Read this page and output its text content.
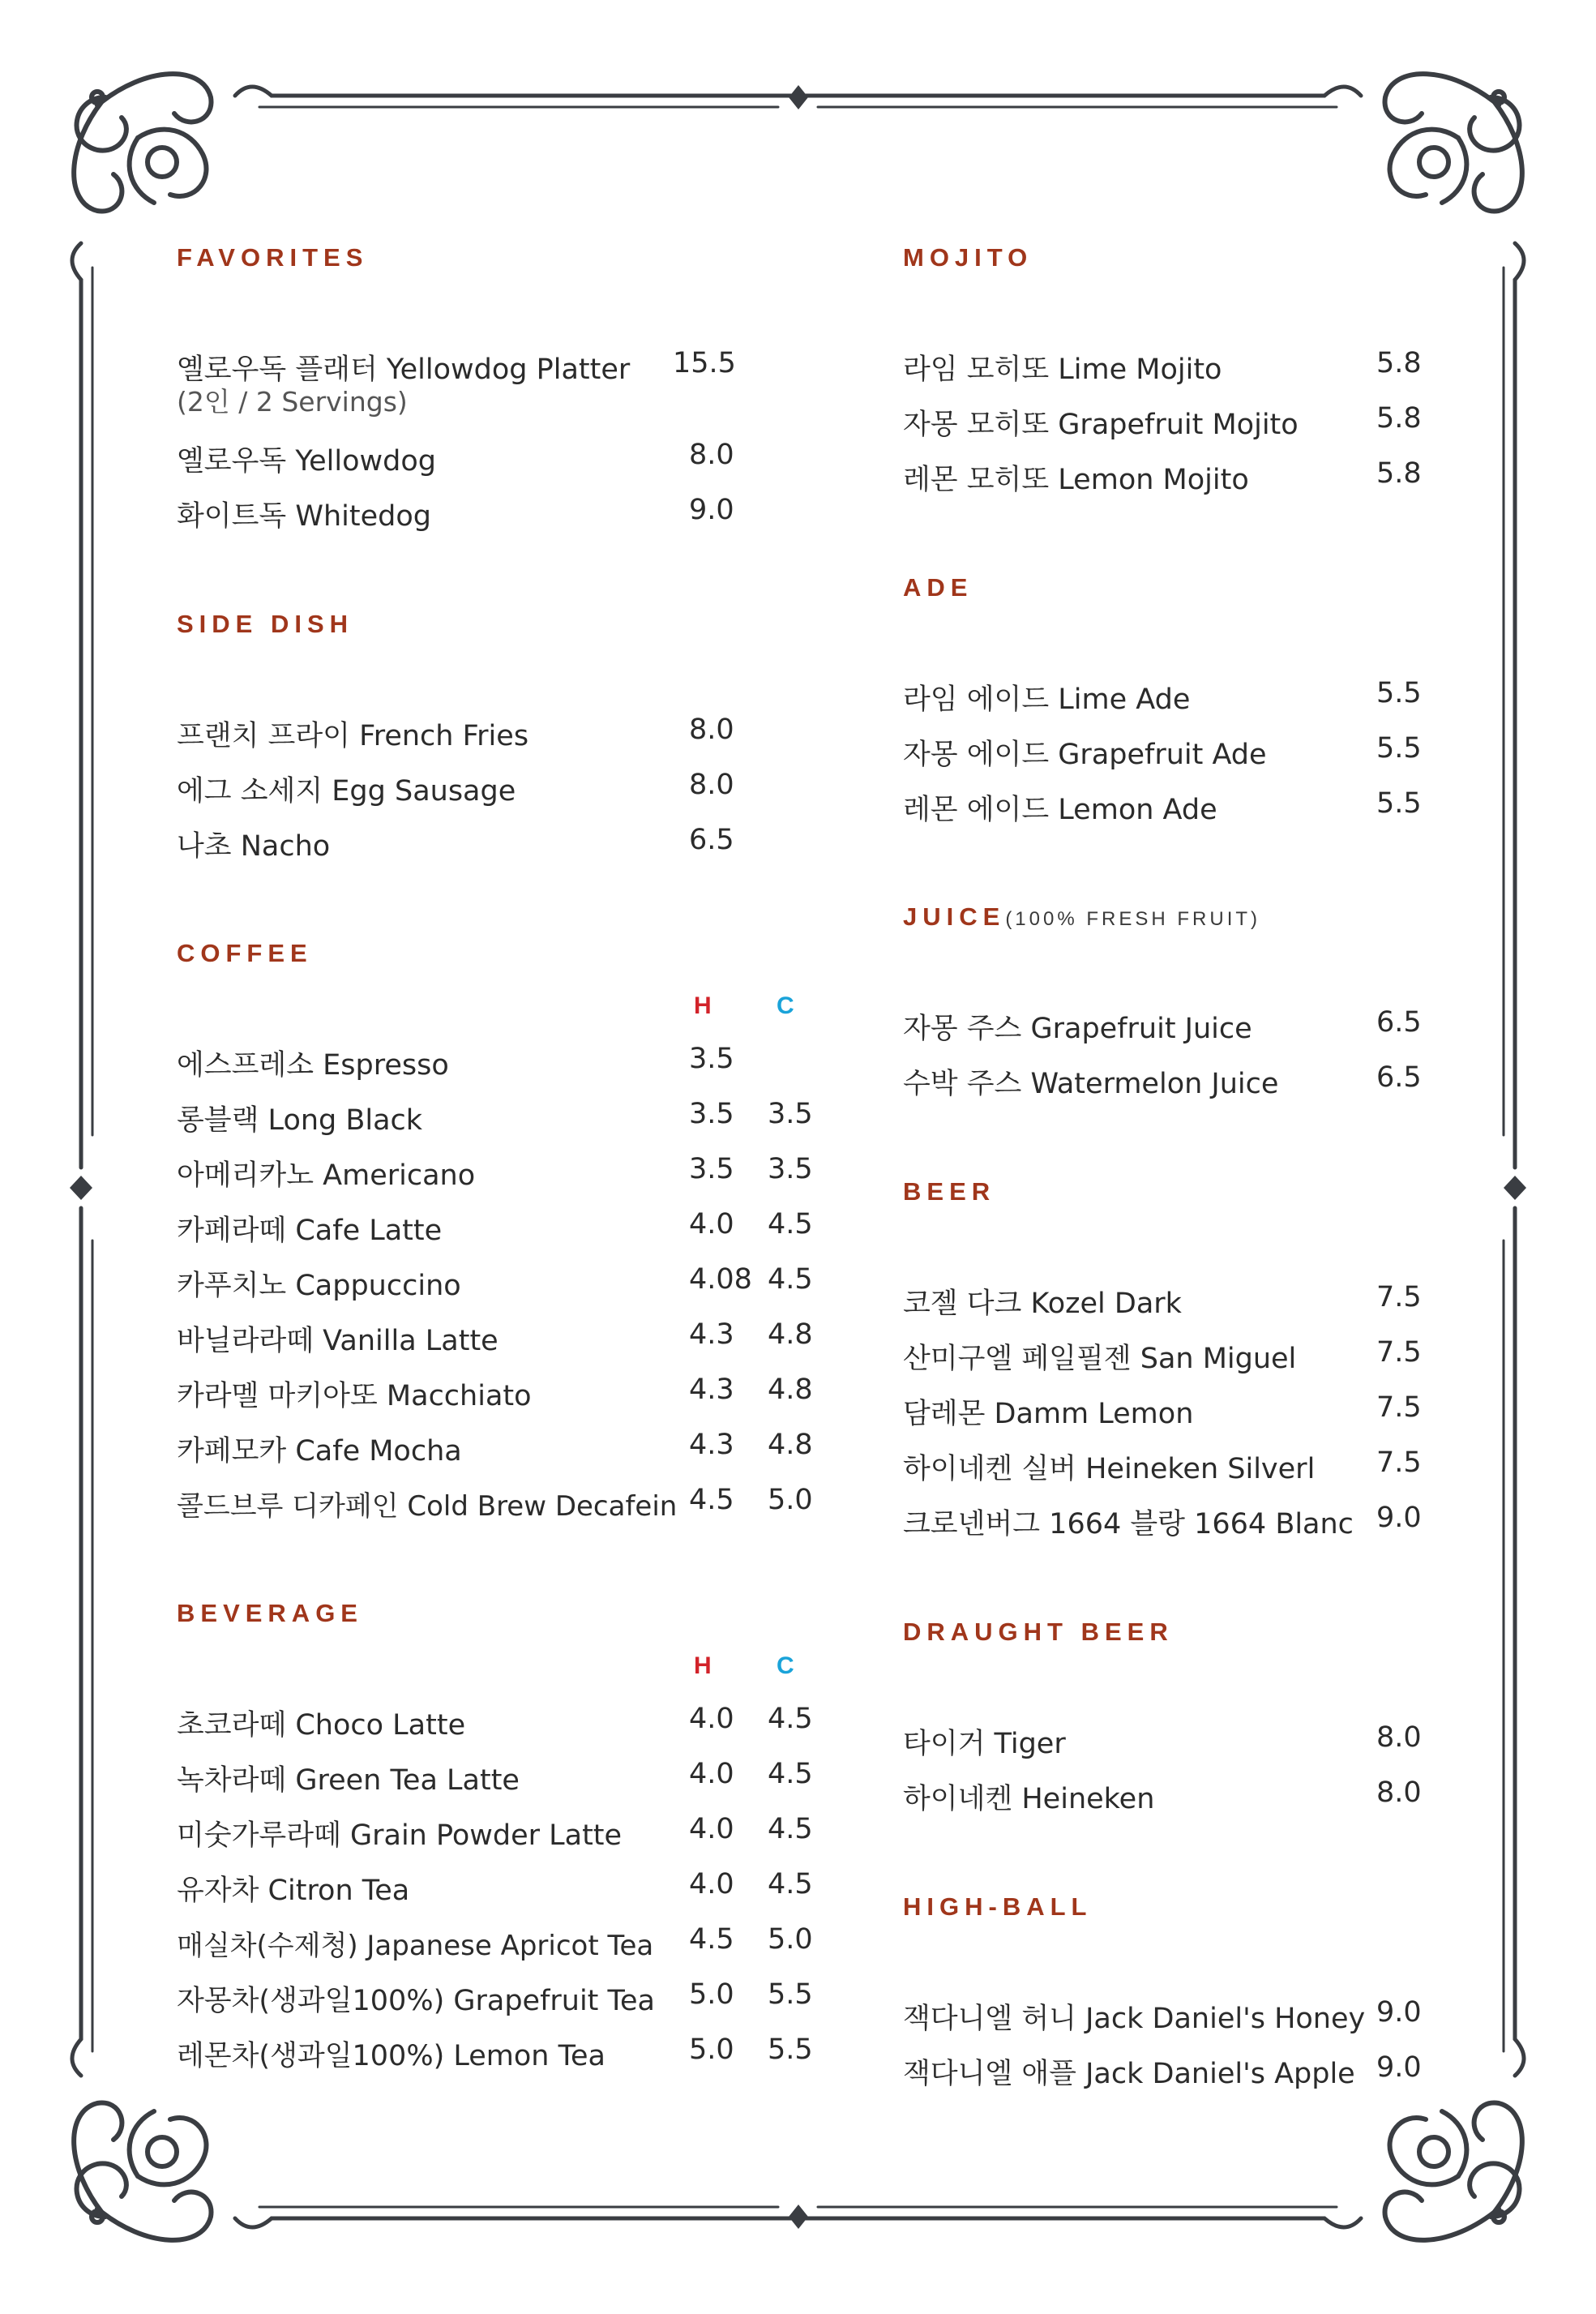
FAVORITES
옐로우독 플래터 Yellowdog Platter
(2인 / 2 Servings)
15.5
옐로우독 Yellowdog	8.0
화이트독 Whitedog	9.0
SIDE DISH
프랜치 프라이 French Fries	8.0
에그 소세지 Egg Sausage	8.0
나초 Nacho	6.5
COFFEE
H	C
에스프레소 Espresso	3.5
롱블랙 Long Black	3.5 3.5
아메리카노 Americano	3.5 3.5
카페라떼 Cafe Latte	4.0 4.5
카푸치노 Cappuccino	4.08 4.5
바닐라라떼 Vanilla Latte	4.3 4.8
카라멜 마키아또 Macchiato	4.3 4.8
카페모카 Cafe Mocha	4.3 4.8
콜드브루 디카페인 Cold Brew Decafein 4.5 5.0
BEVERAGE
H	C
초코라떼 Choco Latte	4.0 4.5
녹차라떼 Green Tea Latte	4.0 4.5
미숫가루라떼 Grain Powder Latte 4.0 4.5
유자차 Citron Tea	4.0 4.5
매실차(수제청) Japanese Apricot Tea 4.5 5.0
자몽차(생과일100%) Grapefruit Tea 5.0 5.5
레몬차(생과일100%) Lemon Tea	5.0 5.5
MOJITO
라임 모히또 Lime Mojito	5.8
자몽 모히또 Grapefruit Mojito	5.8
레몬 모히또 Lemon Mojito	5.8
ADE
라임 에이드 Lime Ade	5.5
자몽 에이드 Grapefruit Ade	5.5
레몬 에이드 Lemon Ade	5.5
JUICE(100% FRESH FRUIT)
자몽 주스 Grapefruit Juice	6.5
수박 주스 Watermelon Juice	6.5
BEER
코젤 다크 Kozel Dark	7.5
산미구엘 페일필젠 San Miguel	7.5
담레몬 Damm Lemon	7.5
하이네켄 실버 Heineken Silverl 7.5
크로넨버그 1664 블랑 1664 Blanc 9.0
DRAUGHT BEER
타이거 Tiger	8.0
하이네켄 Heineken	8.0
HIGH-BALL
잭다니엘 허니 Jack Daniel's Honey 9.0
잭다니엘 애플 Jack Daniel's Apple 9.0
